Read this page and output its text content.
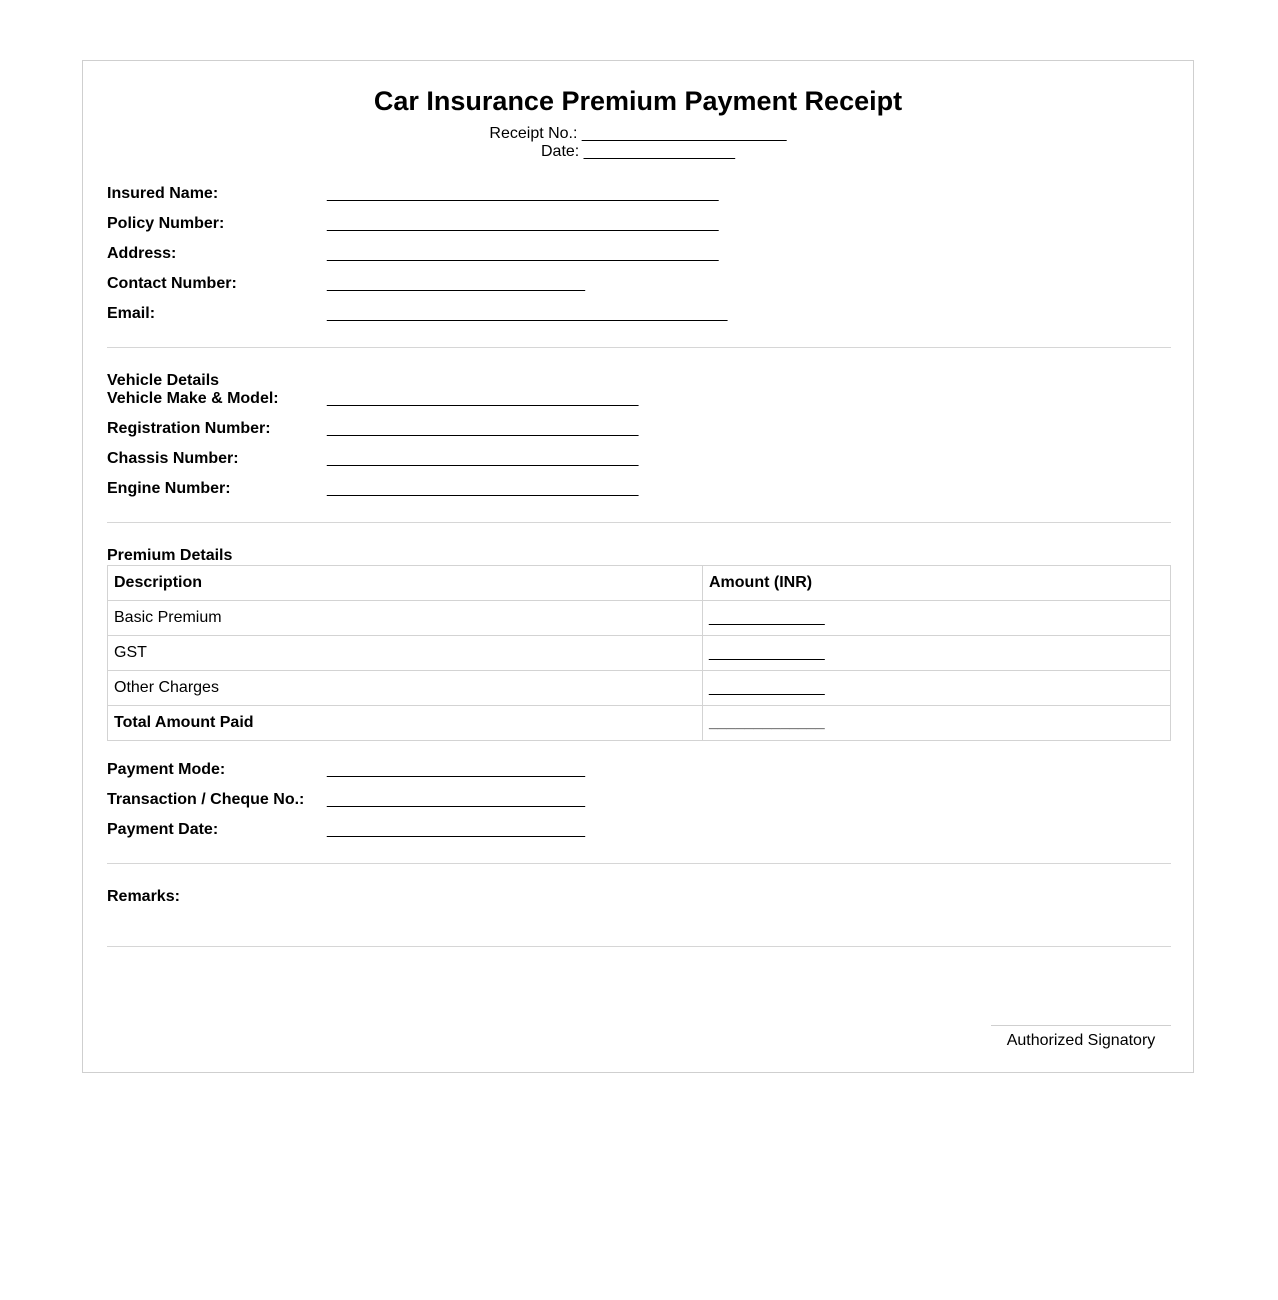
Car Insurance Premium Payment Receipt
Receipt No.: _______________________
Date: _________________
Insured Name:	____________________________________________
Policy Number:	____________________________________________
Address:	____________________________________________
Contact Number:	_____________________________
Email:	_____________________________________________
Vehicle Details
Vehicle Make & Model:	___________________________________
Registration Number:	___________________________________
Chassis Number:	___________________________________
Engine Number:	___________________________________
Premium Details
Description	Amount (INR)
Basic Premium	_____________
GST	_____________
Other Charges	_____________
Total Amount Paid	_____________
Payment Mode:	_____________________________
Transaction / Cheque No.: _____________________________
Payment Date:	_____________________________
Remarks:
Authorized Signatory
